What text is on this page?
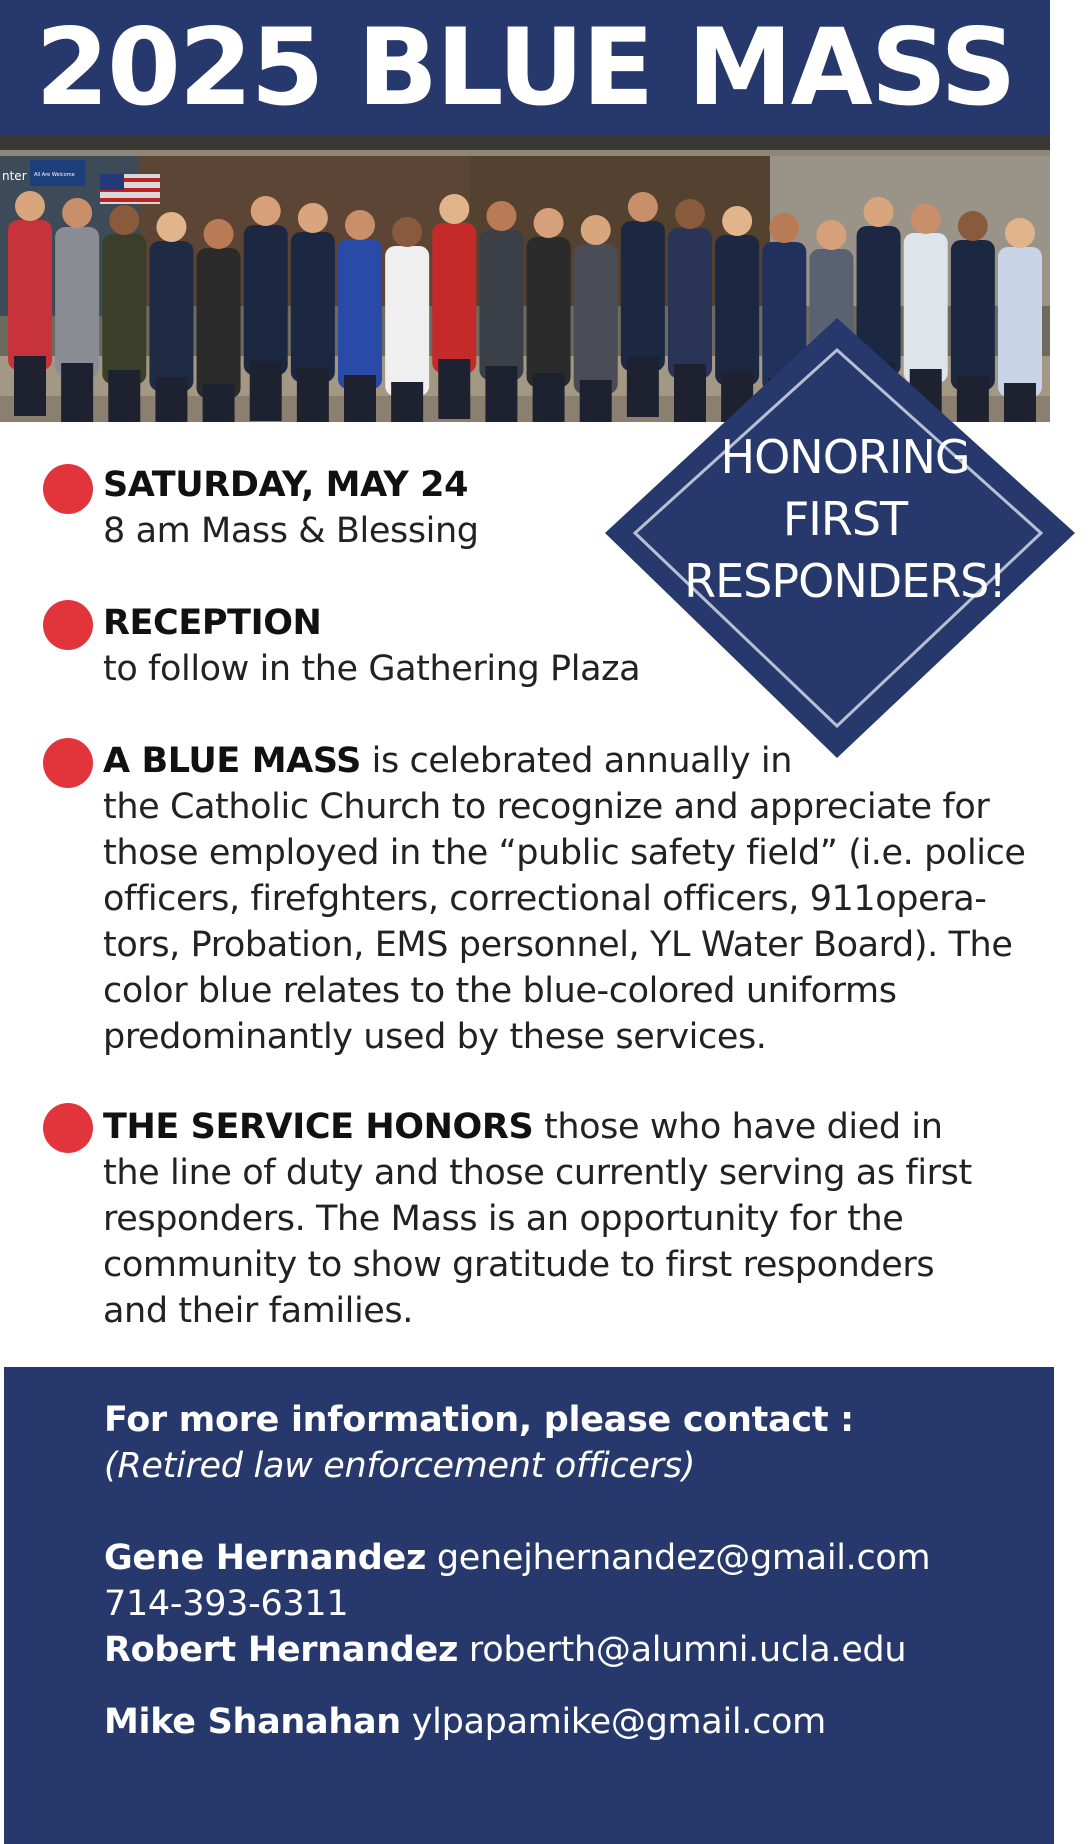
2025 BLUE MASS
nter All Are Welcome
HONORING
FIRST
RESPONDERS!
SATURDAY, MAY 24
8 am Mass & Blessing
RECEPTION
to follow in the Gathering Plaza
A BLUE MASS is celebrated annually in
the Catholic Church to recognize and appreciate for
those employed in the “public safety field” (i.e. police
officers, firefghters, correctional officers, 911opera-
tors, Probation, EMS personnel, YL Water Board). The
color blue relates to the blue-colored uniforms
predominantly used by these services.
THE SERVICE HONORS those who have died in
the line of duty and those currently serving as first
responders. The Mass is an opportunity for the
community to show gratitude to first responders
and their families.
For more information, please contact :
(Retired law enforcement officers)
Gene Hernandez genejhernandez@gmail.com
714-393-6311
Robert Hernandez roberth@alumni.ucla.edu
Mike Shanahan ylpapamike@gmail.com
